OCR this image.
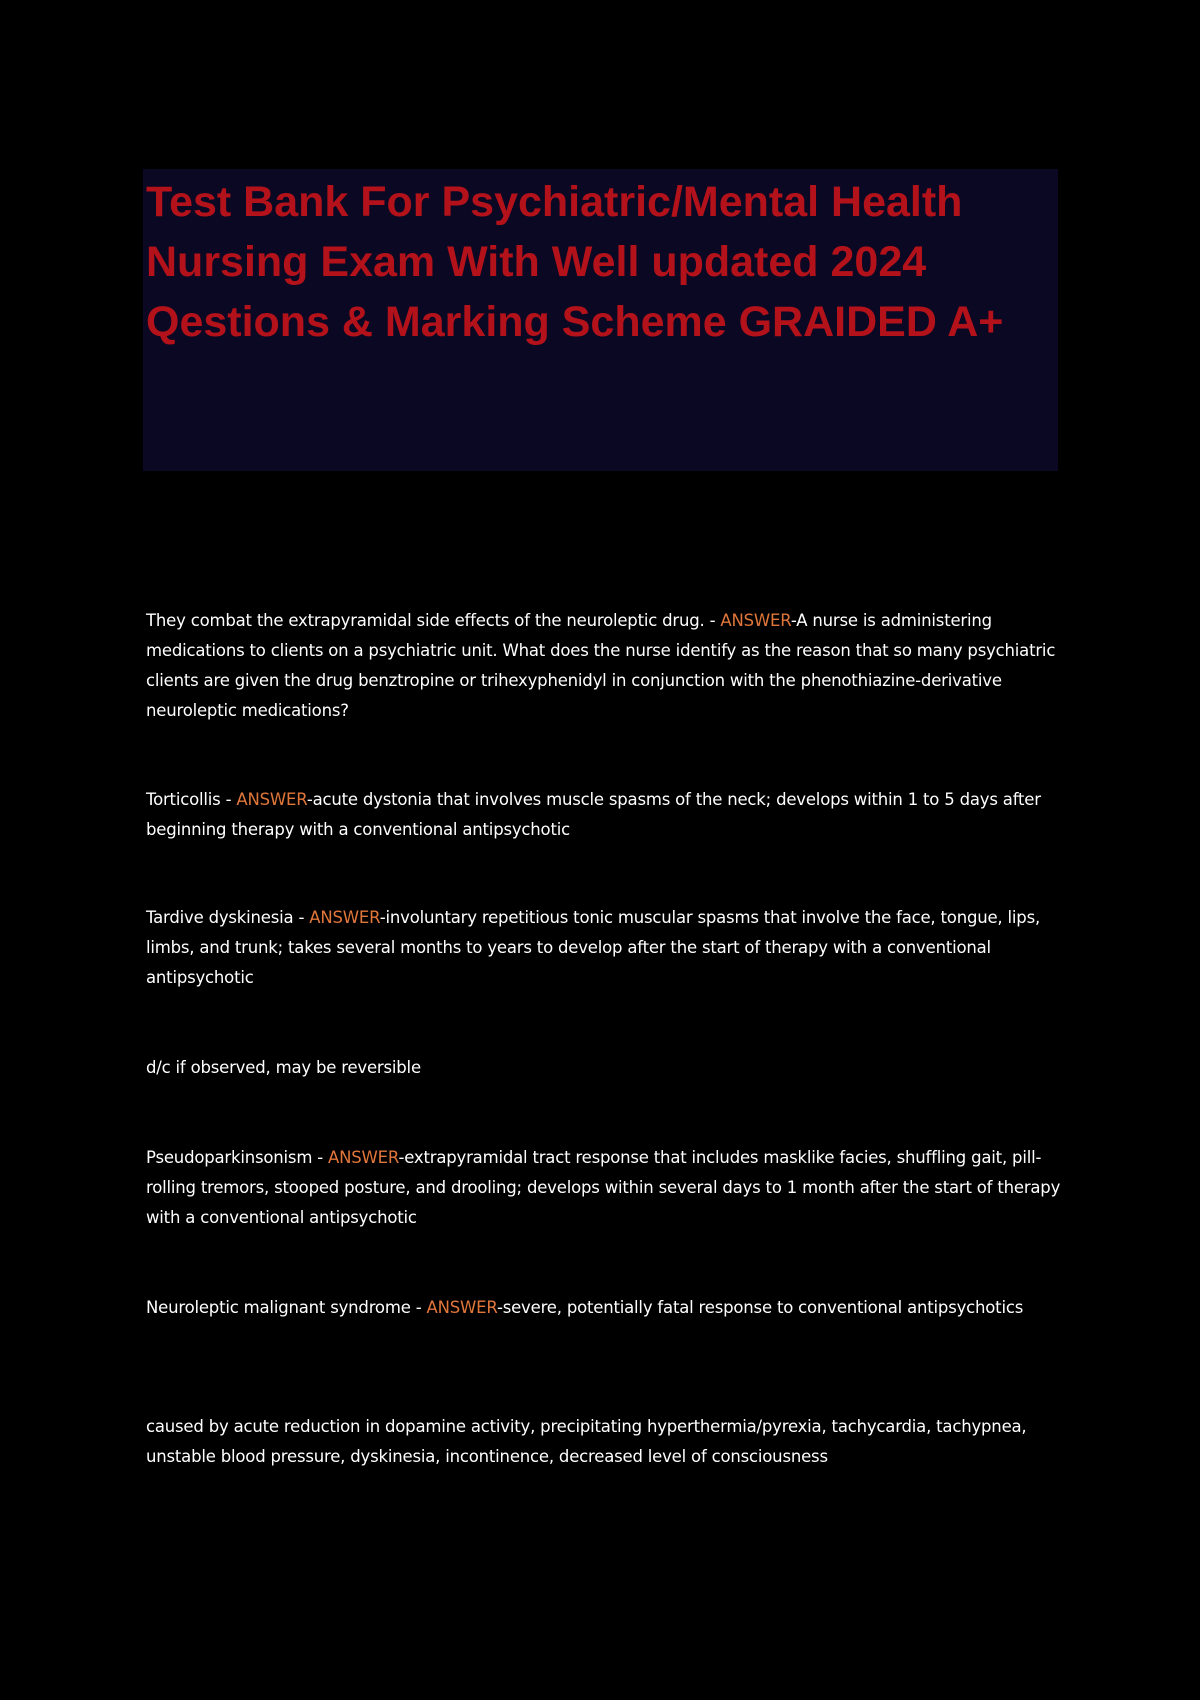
Test Bank For Psychiatric/Mental Health Nursing Exam With Well updated 2024 Qestions & Marking Scheme GRAIDED A+

They combat the extrapyramidal side effects of the neuroleptic drug. - ANSWER-A nurse is administering medications to clients on a psychiatric unit. What does the nurse identify as the reason that so many psychiatric clients are given the drug benztropine or trihexyphenidyl in conjunction with the phenothiazine-derivative neuroleptic medications?

Torticollis - ANSWER-acute dystonia that involves muscle spasms of the neck; develops within 1 to 5 days after beginning therapy with a conventional antipsychotic

Tardive dyskinesia - ANSWER-involuntary repetitious tonic muscular spasms that involve the face, tongue, lips, limbs, and trunk; takes several months to years to develop after the start of therapy with a conventional antipsychotic

d/c if observed, may be reversible

Pseudoparkinsonism - ANSWER-extrapyramidal tract response that includes masklike facies, shuffling gait, pill-rolling tremors, stooped posture, and drooling; develops within several days to 1 month after the start of therapy with a conventional antipsychotic

Neuroleptic malignant syndrome - ANSWER-severe, potentially fatal response to conventional antipsychotics

caused by acute reduction in dopamine activity, precipitating hyperthermia/pyrexia, tachycardia, tachypnea, unstable blood pressure, dyskinesia, incontinence, decreased level of consciousness
